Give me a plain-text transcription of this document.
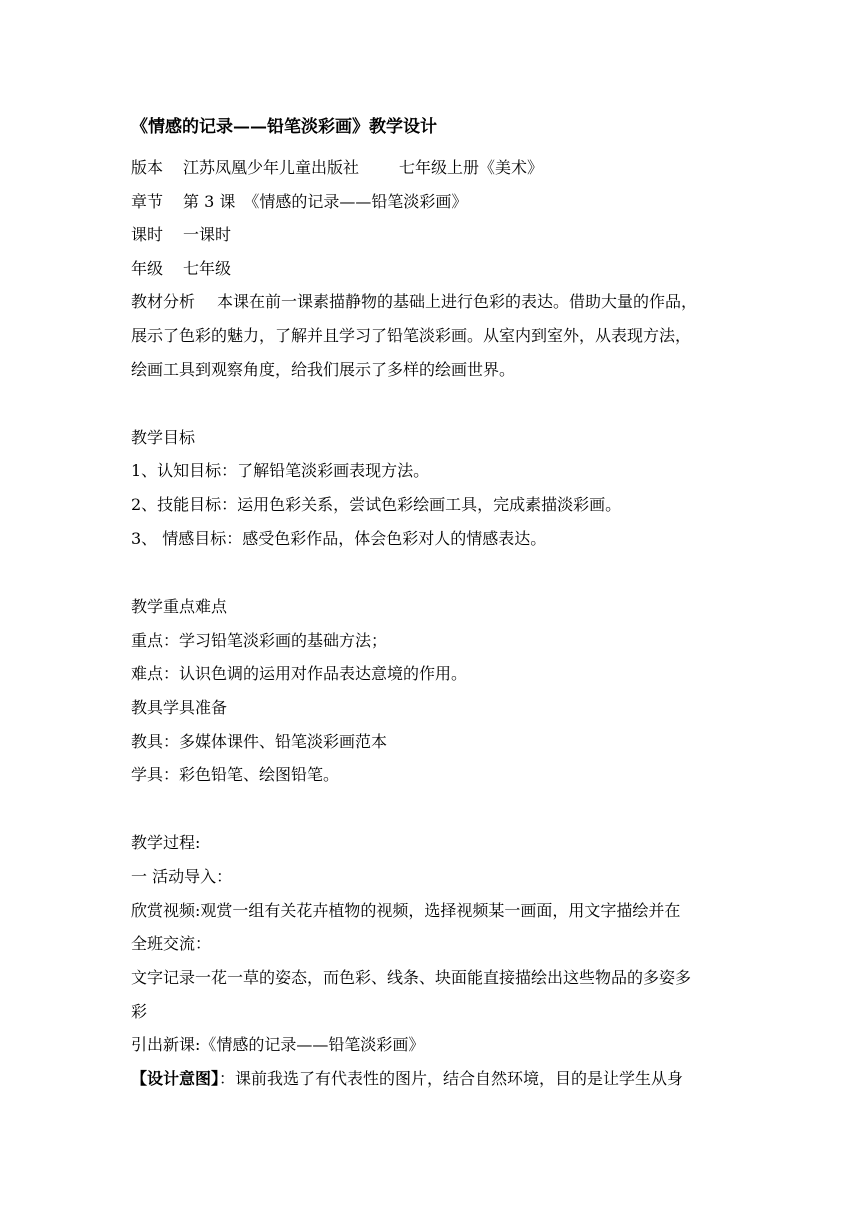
《情感的记录——铅笔淡彩画》教学设计
版本 江苏凤凰少年儿童出版社	七年级上册《美术》
章节 第 3 课 《情感的记录——铅笔淡彩画》
课时 一课时
年级 七年级
教材分析 本课在前一课素描静物的基础上进行色彩的表达。借助大量的作品，
展示了色彩的魅力，了解并且学习了铅笔淡彩画。从室内到室外，从表现方法，
绘画工具到观察角度，给我们展示了多样的绘画世界。
教学目标
1、认知目标：了解铅笔淡彩画表现方法。
2、技能目标：运用色彩关系，尝试色彩绘画工具，完成素描淡彩画。
3、 情感目标：感受色彩作品，体会色彩对人的情感表达。
教学重点难点
重点：学习铅笔淡彩画的基础方法；
难点：认识色调的运用对作品表达意境的作用。
教具学具准备
教具：多媒体课件、铅笔淡彩画范本
学具：彩色铅笔、绘图铅笔。
教学过程:
一 活动导入：
欣赏视频:观赏一组有关花卉植物的视频，选择视频某一画面，用文字描绘并在
全班交流：
文字记录一花一草的姿态，而色彩、线条、块面能直接描绘出这些物品的多姿多
彩
引出新课:《情感的记录——铅笔淡彩画》
【设计意图】：课前我选了有代表性的图片，结合自然环境，目的是让学生从身
